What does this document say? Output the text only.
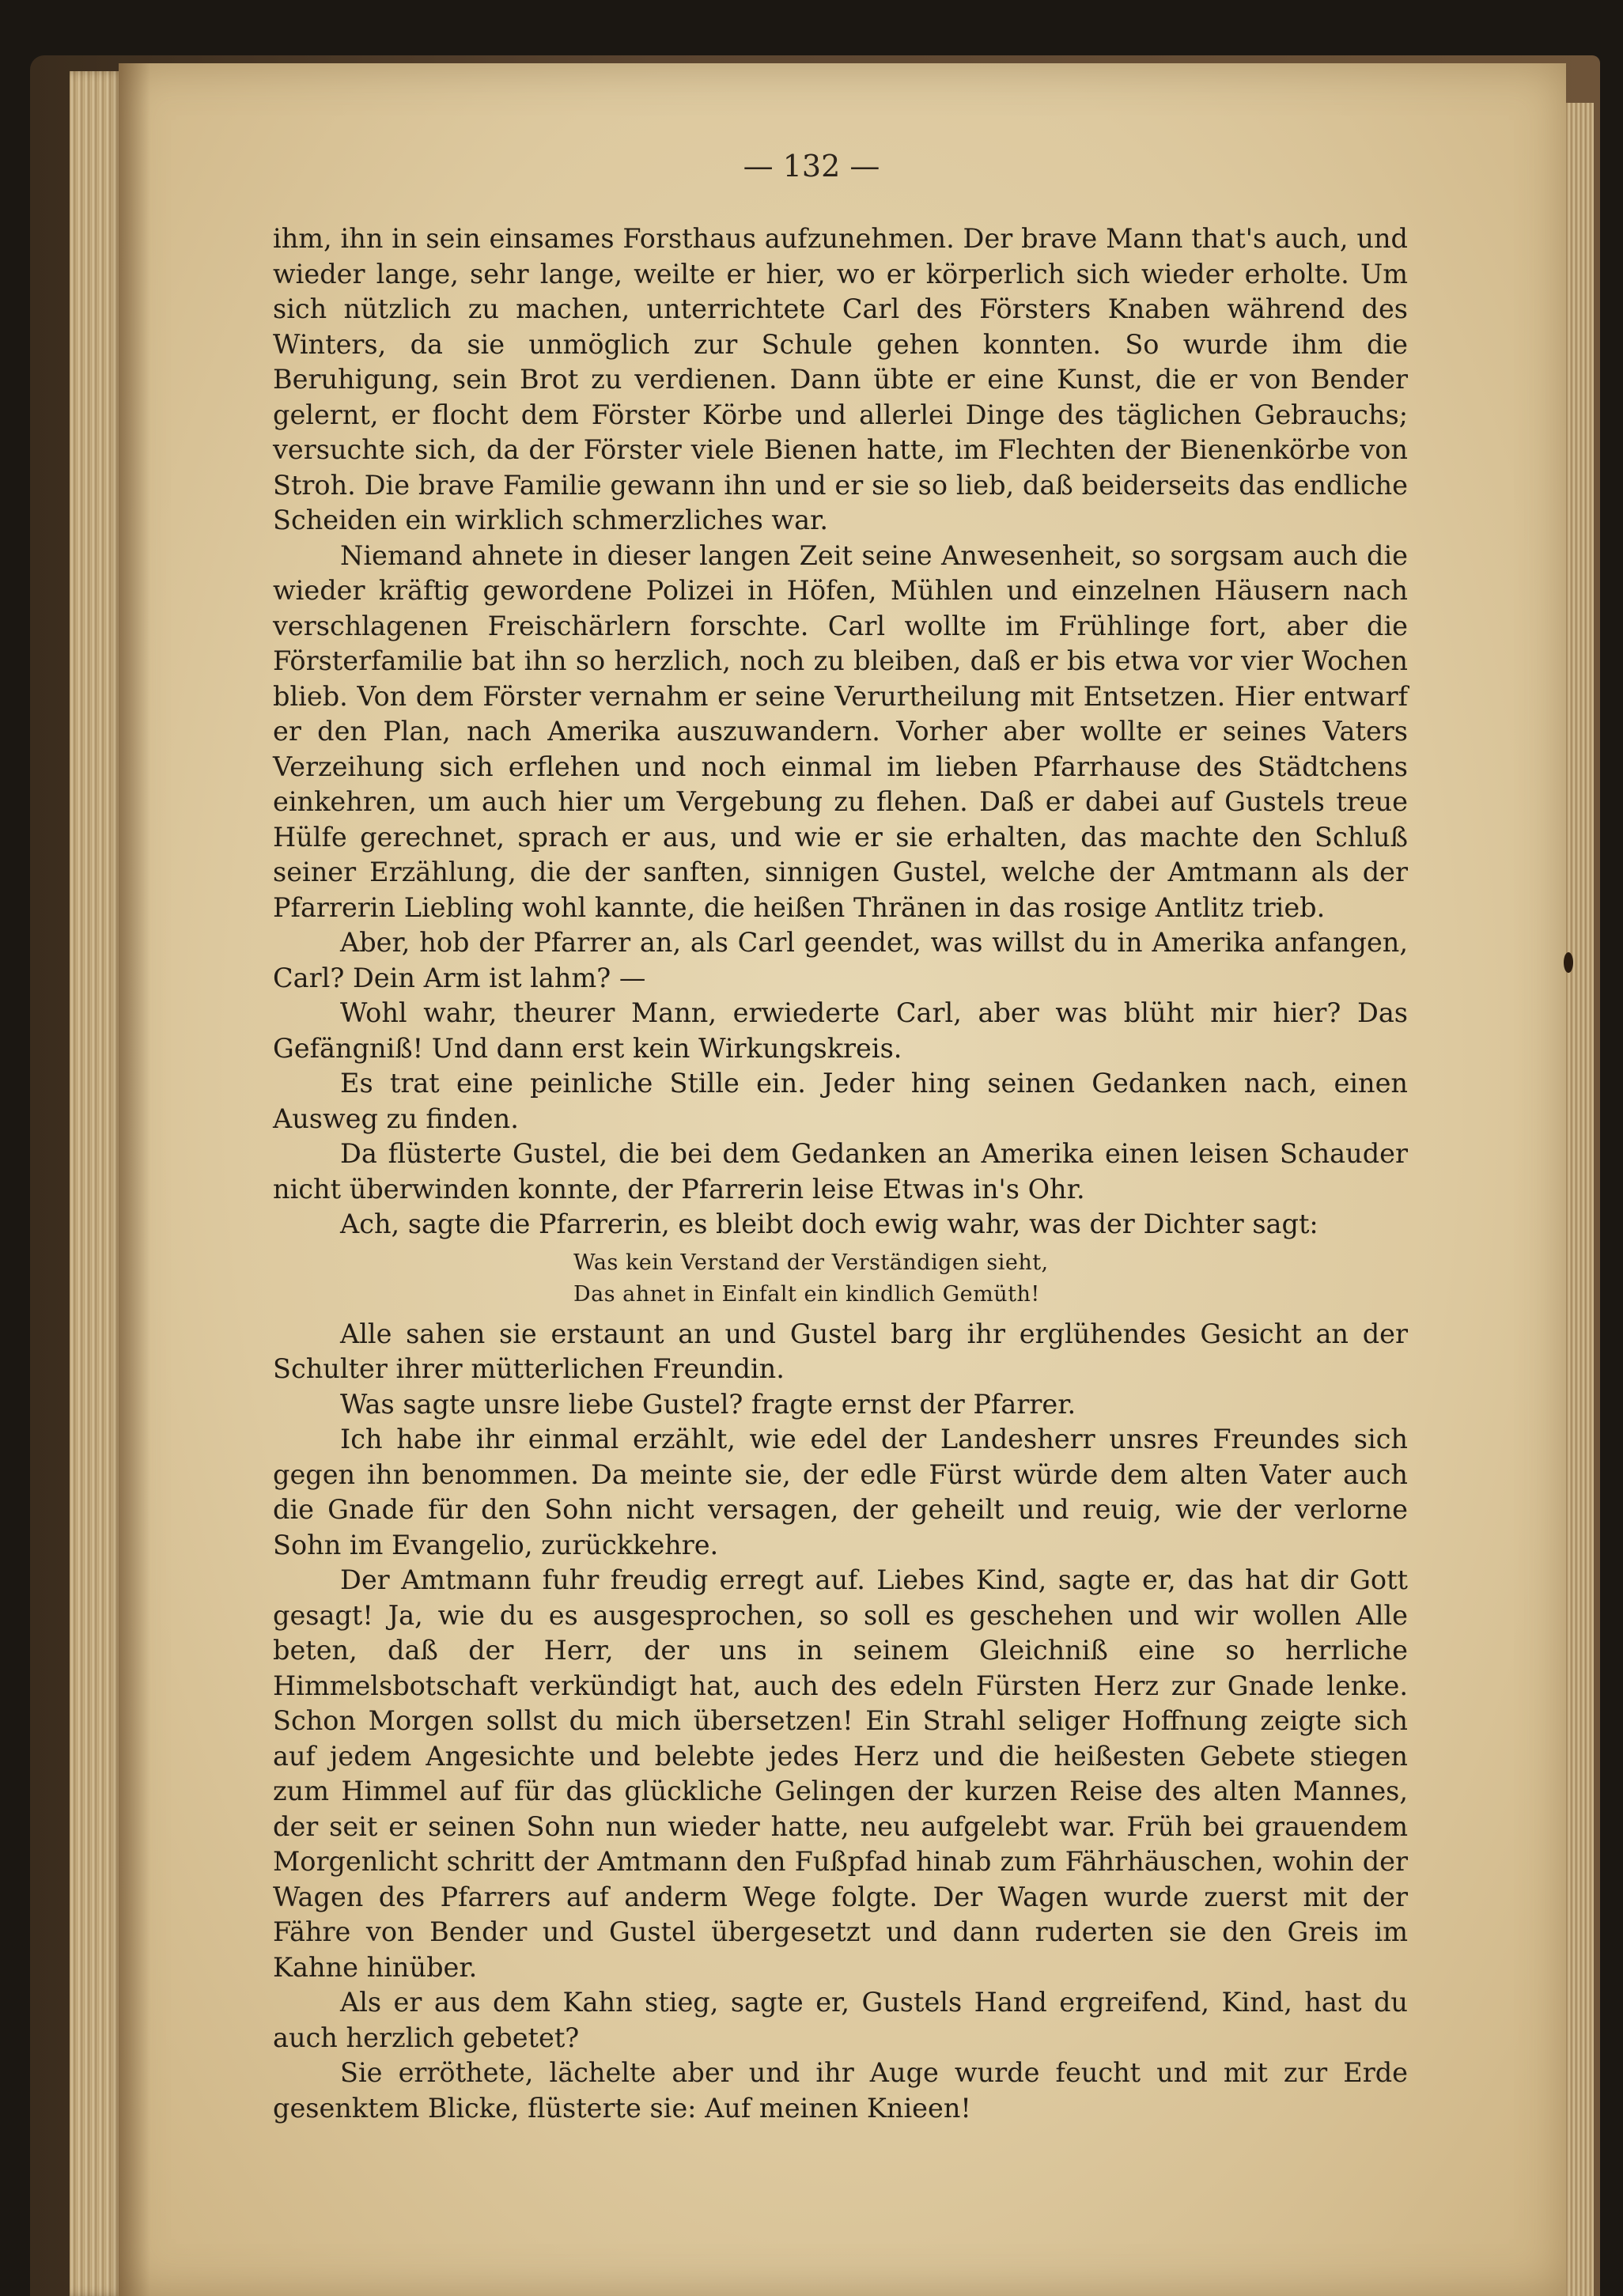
— 132 —

ihm, ihn in sein einsames Forsthaus aufzunehmen. Der brave Mann that's auch, und wieder lange, sehr lange, weilte er hier, wo er körperlich sich wieder erholte. Um sich nützlich zu machen, unterrichtete Carl des Försters Knaben während des Winters, da sie unmöglich zur Schule gehen konnten. So wurde ihm die Beruhigung, sein Brot zu verdienen. Dann übte er eine Kunst, die er von Bender gelernt, er flocht dem Förster Körbe und allerlei Dinge des täglichen Gebrauchs; versuchte sich, da der Förster viele Bienen hatte, im Flechten der Bienenkörbe von Stroh. Die brave Familie gewann ihn und er sie so lieb, daß beiderseits das endliche Scheiden ein wirklich schmerzliches war.

Niemand ahnete in dieser langen Zeit seine Anwesenheit, so sorgsam auch die wieder kräftig gewordene Polizei in Höfen, Mühlen und einzelnen Häusern nach verschlagenen Freischärlern forschte. Carl wollte im Frühlinge fort, aber die Försterfamilie bat ihn so herzlich, noch zu bleiben, daß er bis etwa vor vier Wochen blieb. Von dem Förster vernahm er seine Verurtheilung mit Entsetzen. Hier entwarf er den Plan, nach Amerika auszuwandern. Vorher aber wollte er seines Vaters Verzeihung sich erflehen und noch einmal im lieben Pfarrhause des Städtchens einkehren, um auch hier um Vergebung zu flehen. Daß er dabei auf Gustels treue Hülfe gerechnet, sprach er aus, und wie er sie erhalten, das machte den Schluß seiner Erzählung, die der sanften, sinnigen Gustel, welche der Amtmann als der Pfarrerin Liebling wohl kannte, die heißen Thränen in das rosige Antlitz trieb.

Aber, hob der Pfarrer an, als Carl geendet, was willst du in Amerika anfangen, Carl? Dein Arm ist lahm? —

Wohl wahr, theurer Mann, erwiederte Carl, aber was blüht mir hier? Das Gefängniß! Und dann erst kein Wirkungskreis.

Es trat eine peinliche Stille ein. Jeder hing seinen Gedanken nach, einen Ausweg zu finden.

Da flüsterte Gustel, die bei dem Gedanken an Amerika einen leisen Schauder nicht überwinden konnte, der Pfarrerin leise Etwas in's Ohr.

Ach, sagte die Pfarrerin, es bleibt doch ewig wahr, was der Dichter sagt:

Was kein Verstand der Verständigen sieht,
Das ahnet in Einfalt ein kindlich Gemüth!

Alle sahen sie erstaunt an und Gustel barg ihr erglühendes Gesicht an der Schulter ihrer mütterlichen Freundin.

Was sagte unsre liebe Gustel? fragte ernst der Pfarrer.

Ich habe ihr einmal erzählt, wie edel der Landesherr unsres Freundes sich gegen ihn benommen. Da meinte sie, der edle Fürst würde dem alten Vater auch die Gnade für den Sohn nicht versagen, der geheilt und reuig, wie der verlorne Sohn im Evangelio, zurückkehre.

Der Amtmann fuhr freudig erregt auf. Liebes Kind, sagte er, das hat dir Gott gesagt! Ja, wie du es ausgesprochen, so soll es geschehen und wir wollen Alle beten, daß der Herr, der uns in seinem Gleichniß eine so herrliche Himmelsbotschaft verkündigt hat, auch des edeln Fürsten Herz zur Gnade lenke. Schon Morgen sollst du mich übersetzen! Ein Strahl seliger Hoffnung zeigte sich auf jedem Angesichte und belebte jedes Herz und die heißesten Gebete stiegen zum Himmel auf für das glückliche Gelingen der kurzen Reise des alten Mannes, der seit er seinen Sohn nun wieder hatte, neu aufgelebt war. Früh bei grauendem Morgenlicht schritt der Amtmann den Fußpfad hinab zum Fährhäuschen, wohin der Wagen des Pfarrers auf anderm Wege folgte. Der Wagen wurde zuerst mit der Fähre von Bender und Gustel übergesetzt und dann ruderten sie den Greis im Kahne hinüber.

Als er aus dem Kahn stieg, sagte er, Gustels Hand ergreifend, Kind, hast du auch herzlich gebetet?

Sie erröthete, lächelte aber und ihr Auge wurde feucht und mit zur Erde gesenktem Blicke, flüsterte sie: Auf meinen Knieen!
